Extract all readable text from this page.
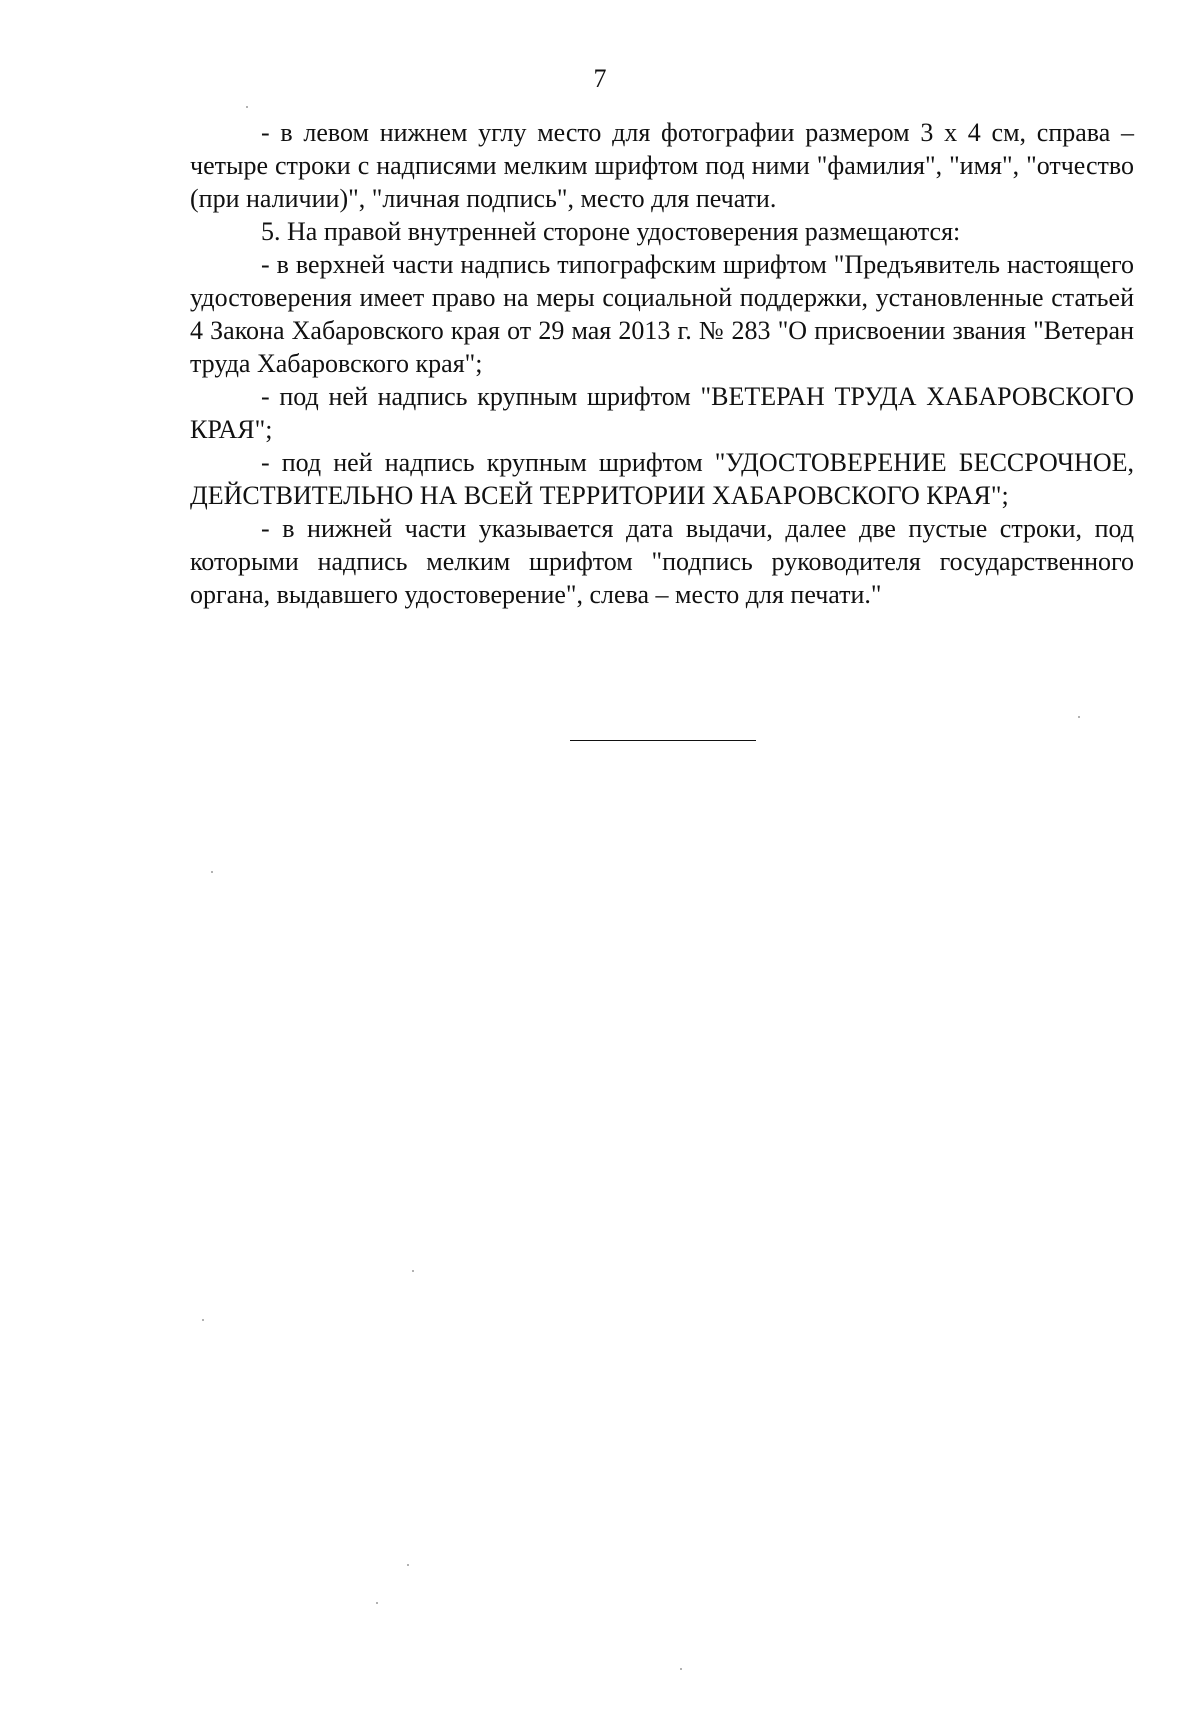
7

- в левом нижнем углу место для фотографии размером 3 х 4 см, справа – четыре строки с надписями мелким шрифтом под ними "фамилия", "имя", "отчество (при наличии)", "личная подпись", место для печати.

5. На правой внутренней стороне удостоверения размещаются:

- в верхней части надпись типографским шрифтом "Предъявитель настоящего удостоверения имеет право на меры социальной поддержки, установленные статьей 4 Закона Хабаровского края от 29 мая 2013 г. № 283 "О присвоении звания "Ветеран труда Хабаровского края";

- под ней надпись крупным шрифтом "ВЕТЕРАН ТРУДА ХАБАРОВСКОГО КРАЯ";

- под ней надпись крупным шрифтом "УДОСТОВЕРЕНИЕ БЕССРОЧНОЕ, ДЕЙСТВИТЕЛЬНО НА ВСЕЙ ТЕРРИТОРИИ ХАБАРОВСКОГО КРАЯ";

- в нижней части указывается дата выдачи, далее две пустые строки, под которыми надпись мелким шрифтом "подпись руководителя государственного органа, выдавшего удостоверение", слева – место для печати."
